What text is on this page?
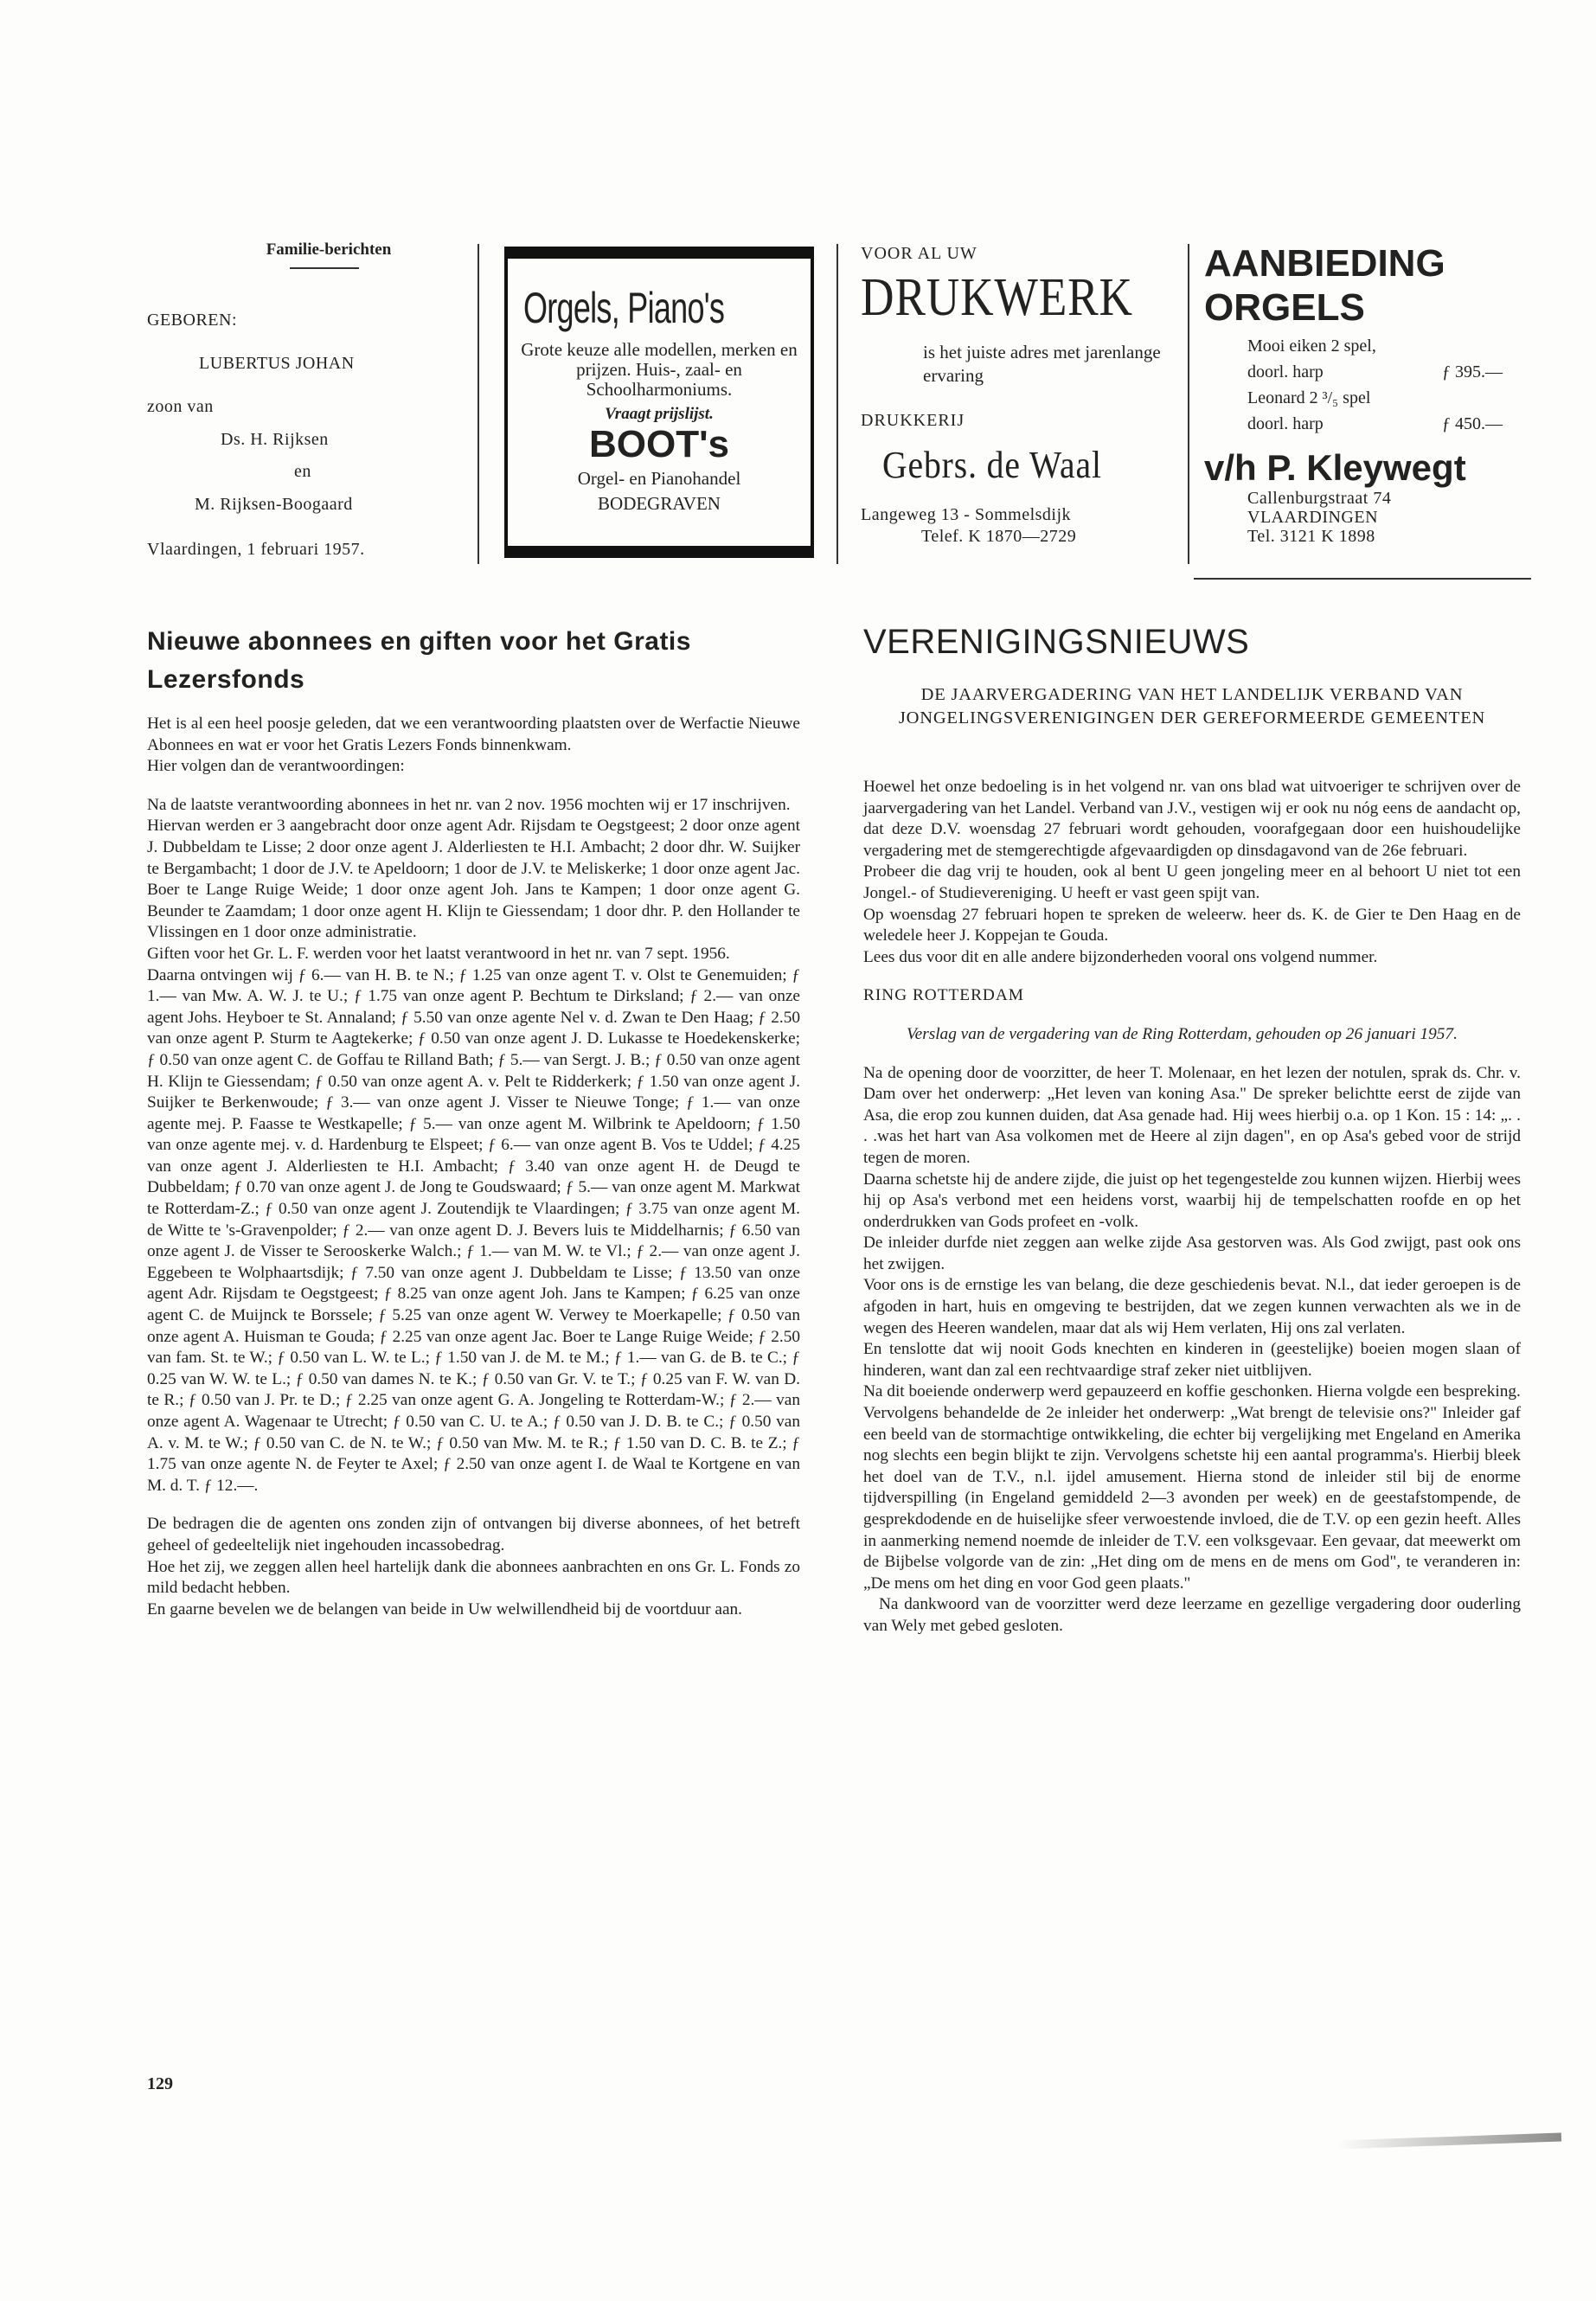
Familie-berichten
GEBOREN:
LUBERTUS JOHAN
zoon van
Ds. H. Rijksen
en
M. Rijksen-Boogaard
Vlaardingen, 1 februari 1957.
Orgels, Piano's
Grote keuze alle modellen, merken en prijzen. Huis-, zaal- en Schoolharmoniums.
Vraagt prijslijst.
BOOT's
Orgel- en Pianohandel
BODEGRAVEN
VOOR AL UW
DRUKWERK
is het juiste adres met jarenlange ervaring
DRUKKERIJ
Gebrs. de Waal
Langeweg 13 - Sommelsdijk
Telef. K 1870—2729
AANBIEDING
ORGELS
Mooi eiken 2 spel,
doorl. harp	ƒ 395.—
Leonard 2 ³/₅ spel
doorl. harp	ƒ 450.—
v/h P. Kleywegt
Callenburgstraat 74
VLAARDINGEN
Tel. 3121 K 1898
Nieuwe abonnees en giften voor het Gratis Lezersfonds

Het is al een heel poosje geleden, dat we een verantwoording plaatsten over de Werfactie Nieuwe Abonnees en wat er voor het Gratis Lezers Fonds binnenkwam.

Hier volgen dan de verantwoordingen:

Na de laatste verantwoording abonnees in het nr. van 2 nov. 1956 mochten wij er 17 inschrijven.

Hiervan werden er 3 aangebracht door onze agent Adr. Rijsdam te Oegstgeest; 2 door onze agent J. Dubbeldam te Lisse; 2 door onze agent J. Alderliesten te H.I. Ambacht; 2 door dhr. W. Suijker te Bergambacht; 1 door de J.V. te Apeldoorn; 1 door de J.V. te Meliskerke; 1 door onze agent Jac. Boer te Lange Ruige Weide; 1 door onze agent Joh. Jans te Kampen; 1 door onze agent G. Beunder te Zaamdam; 1 door onze agent H. Klijn te Giessendam; 1 door dhr. P. den Hollander te Vlissingen en 1 door onze administratie.

Giften voor het Gr. L. F. werden voor het laatst verantwoord in het nr. van 7 sept. 1956.

Daarna ontvingen wij ƒ 6.— van H. B. te N.; ƒ 1.25 van onze agent T. v. Olst te Genemuiden; ƒ 1.— van Mw. A. W. J. te U.; ƒ 1.75 van onze agent P. Bechtum te Dirksland; ƒ 2.— van onze agent Johs. Heyboer te St. Annaland; ƒ 5.50 van onze agente Nel v. d. Zwan te Den Haag; ƒ 2.50 van onze agent P. Sturm te Aagtekerke; ƒ 0.50 van onze agent J. D. Lukasse te Hoedekenskerke; ƒ 0.50 van onze agent C. de Goffau te Rilland Bath; ƒ 5.— van Sergt. J. B.; ƒ 0.50 van onze agent H. Klijn te Giessendam; ƒ 0.50 van onze agent A. v. Pelt te Ridderkerk; ƒ 1.50 van onze agent J. Suijker te Berkenwoude; ƒ 3.— van onze agent J. Visser te Nieuwe Tonge; ƒ 1.— van onze agente mej. P. Faasse te Westkapelle; ƒ 5.— van onze agent M. Wilbrink te Apeldoorn; ƒ 1.50 van onze agente mej. v. d. Hardenburg te Elspeet; ƒ 6.— van onze agent B. Vos te Uddel; ƒ 4.25 van onze agent J. Alderliesten te H.I. Ambacht; ƒ 3.40 van onze agent H. de Deugd te Dubbeldam; ƒ 0.70 van onze agent J. de Jong te Goudswaard; ƒ 5.— van onze agent M. Markwat te Rotterdam-Z.; ƒ 0.50 van onze agent J. Zoutendijk te Vlaardingen; ƒ 3.75 van onze agent M. de Witte te 's-Gravenpolder; ƒ 2.— van onze agent D. J. Bevers luis te Middelharnis; ƒ 6.50 van onze agent J. de Visser te Serooskerke Walch.; ƒ 1.— van M. W. te Vl.; ƒ 2.— van onze agent J. Eggebeen te Wolphaartsdijk; ƒ 7.50 van onze agent J. Dubbeldam te Lisse; ƒ 13.50 van onze agent Adr. Rijsdam te Oegstgeest; ƒ 8.25 van onze agent Joh. Jans te Kampen; ƒ 6.25 van onze agent C. de Muijnck te Borssele; ƒ 5.25 van onze agent W. Verwey te Moerkapelle; ƒ 0.50 van onze agent A. Huisman te Gouda; ƒ 2.25 van onze agent Jac. Boer te Lange Ruige Weide; ƒ 2.50 van fam. St. te W.; ƒ 0.50 van L. W. te L.; ƒ 1.50 van J. de M. te M.; ƒ 1.— van G. de B. te C.; ƒ 0.25 van W. W. te L.; ƒ 0.50 van dames N. te K.; ƒ 0.50 van Gr. V. te T.; ƒ 0.25 van F. W. van D. te R.; ƒ 0.50 van J. Pr. te D.; ƒ 2.25 van onze agent G. A. Jongeling te Rotterdam-W.; ƒ 2.— van onze agent A. Wagenaar te Utrecht; ƒ 0.50 van C. U. te A.; ƒ 0.50 van J. D. B. te C.; ƒ 0.50 van A. v. M. te W.; ƒ 0.50 van C. de N. te W.; ƒ 0.50 van Mw. M. te R.; ƒ 1.50 van D. C. B. te Z.; ƒ 1.75 van onze agente N. de Feyter te Axel; ƒ 2.50 van onze agent I. de Waal te Kortgene en van M. d. T. ƒ 12.—.

De bedragen die de agenten ons zonden zijn of ontvangen bij diverse abonnees, of het betreft geheel of gedeeltelijk niet ingehouden incassobedrag.

Hoe het zij, we zeggen allen heel hartelijk dank die abonnees aanbrachten en ons Gr. L. Fonds zo mild bedacht hebben.

En gaarne bevelen we de belangen van beide in Uw welwillendheid bij de voortduur aan.

VERENIGINGSNIEUWS
DE JAARVERGADERING VAN HET LANDELIJK VERBAND VAN JONGELINGSVERENIGINGEN DER GEREFORMEERDE GEMEENTEN

Hoewel het onze bedoeling is in het volgend nr. van ons blad wat uitvoeriger te schrijven over de jaarvergadering van het Landel. Verband van J.V., vestigen wij er ook nu nóg eens de aandacht op, dat deze D.V. woensdag 27 februari wordt gehouden, voorafgegaan door een huishoudelijke vergadering met de stemgerechtigde afgevaardigden op dinsdagavond van de 26e februari.

Probeer die dag vrij te houden, ook al bent U geen jongeling meer en al behoort U niet tot een Jongel.- of Studievereniging. U heeft er vast geen spijt van.

Op woensdag 27 februari hopen te spreken de weleerw. heer ds. K. de Gier te Den Haag en de weledele heer J. Koppejan te Gouda.

Lees dus voor dit en alle andere bijzonderheden vooral ons volgend nummer.

RING ROTTERDAM

Verslag van de vergadering van de Ring Rotterdam, gehouden op 26 januari 1957.

Na de opening door de voorzitter, de heer T. Molenaar, en het lezen der notulen, sprak ds. Chr. v. Dam over het onderwerp: „Het leven van koning Asa." De spreker belichtte eerst de zijde van Asa, die erop zou kunnen duiden, dat Asa genade had. Hij wees hierbij o.a. op 1 Kon. 15 : 14: „. . . .was het hart van Asa volkomen met de Heere al zijn dagen", en op Asa's gebed voor de strijd tegen de moren.

Daarna schetste hij de andere zijde, die juist op het tegengestelde zou kunnen wijzen. Hierbij wees hij op Asa's verbond met een heidens vorst, waarbij hij de tempelschatten roofde en op het onderdrukken van Gods profeet en -volk.

De inleider durfde niet zeggen aan welke zijde Asa gestorven was. Als God zwijgt, past ook ons het zwijgen.

Voor ons is de ernstige les van belang, die deze geschiedenis bevat. N.l., dat ieder geroepen is de afgoden in hart, huis en omgeving te bestrijden, dat we zegen kunnen verwachten als we in de wegen des Heeren wandelen, maar dat als wij Hem verlaten, Hij ons zal verlaten.

En tenslotte dat wij nooit Gods knechten en kinderen in (geestelijke) boeien mogen slaan of hinderen, want dan zal een rechtvaardige straf zeker niet uitblijven.

Na dit boeiende onderwerp werd gepauzeerd en koffie geschonken. Hierna volgde een bespreking.

Vervolgens behandelde de 2e inleider het onderwerp: „Wat brengt de televisie ons?" Inleider gaf een beeld van de stormachtige ontwikkeling, die echter bij vergelijking met Engeland en Amerika nog slechts een begin blijkt te zijn. Vervolgens schetste hij een aantal programma's. Hierbij bleek het doel van de T.V., n.l. ijdel amusement. Hierna stond de inleider stil bij de enorme tijdverspilling (in Engeland gemiddeld 2—3 avonden per week) en de geestafstompende, de gesprekdodende en de huiselijke sfeer verwoestende invloed, die de T.V. op een gezin heeft. Alles in aanmerking nemend noemde de inleider de T.V. een volksgevaar. Een gevaar, dat meewerkt om de Bijbelse volgorde van de zin: „Het ding om de mens en de mens om God", te veranderen in: „De mens om het ding en voor God geen plaats."

Na dankwoord van de voorzitter werd deze leerzame en gezellige vergadering door ouderling van Wely met gebed gesloten.

129
